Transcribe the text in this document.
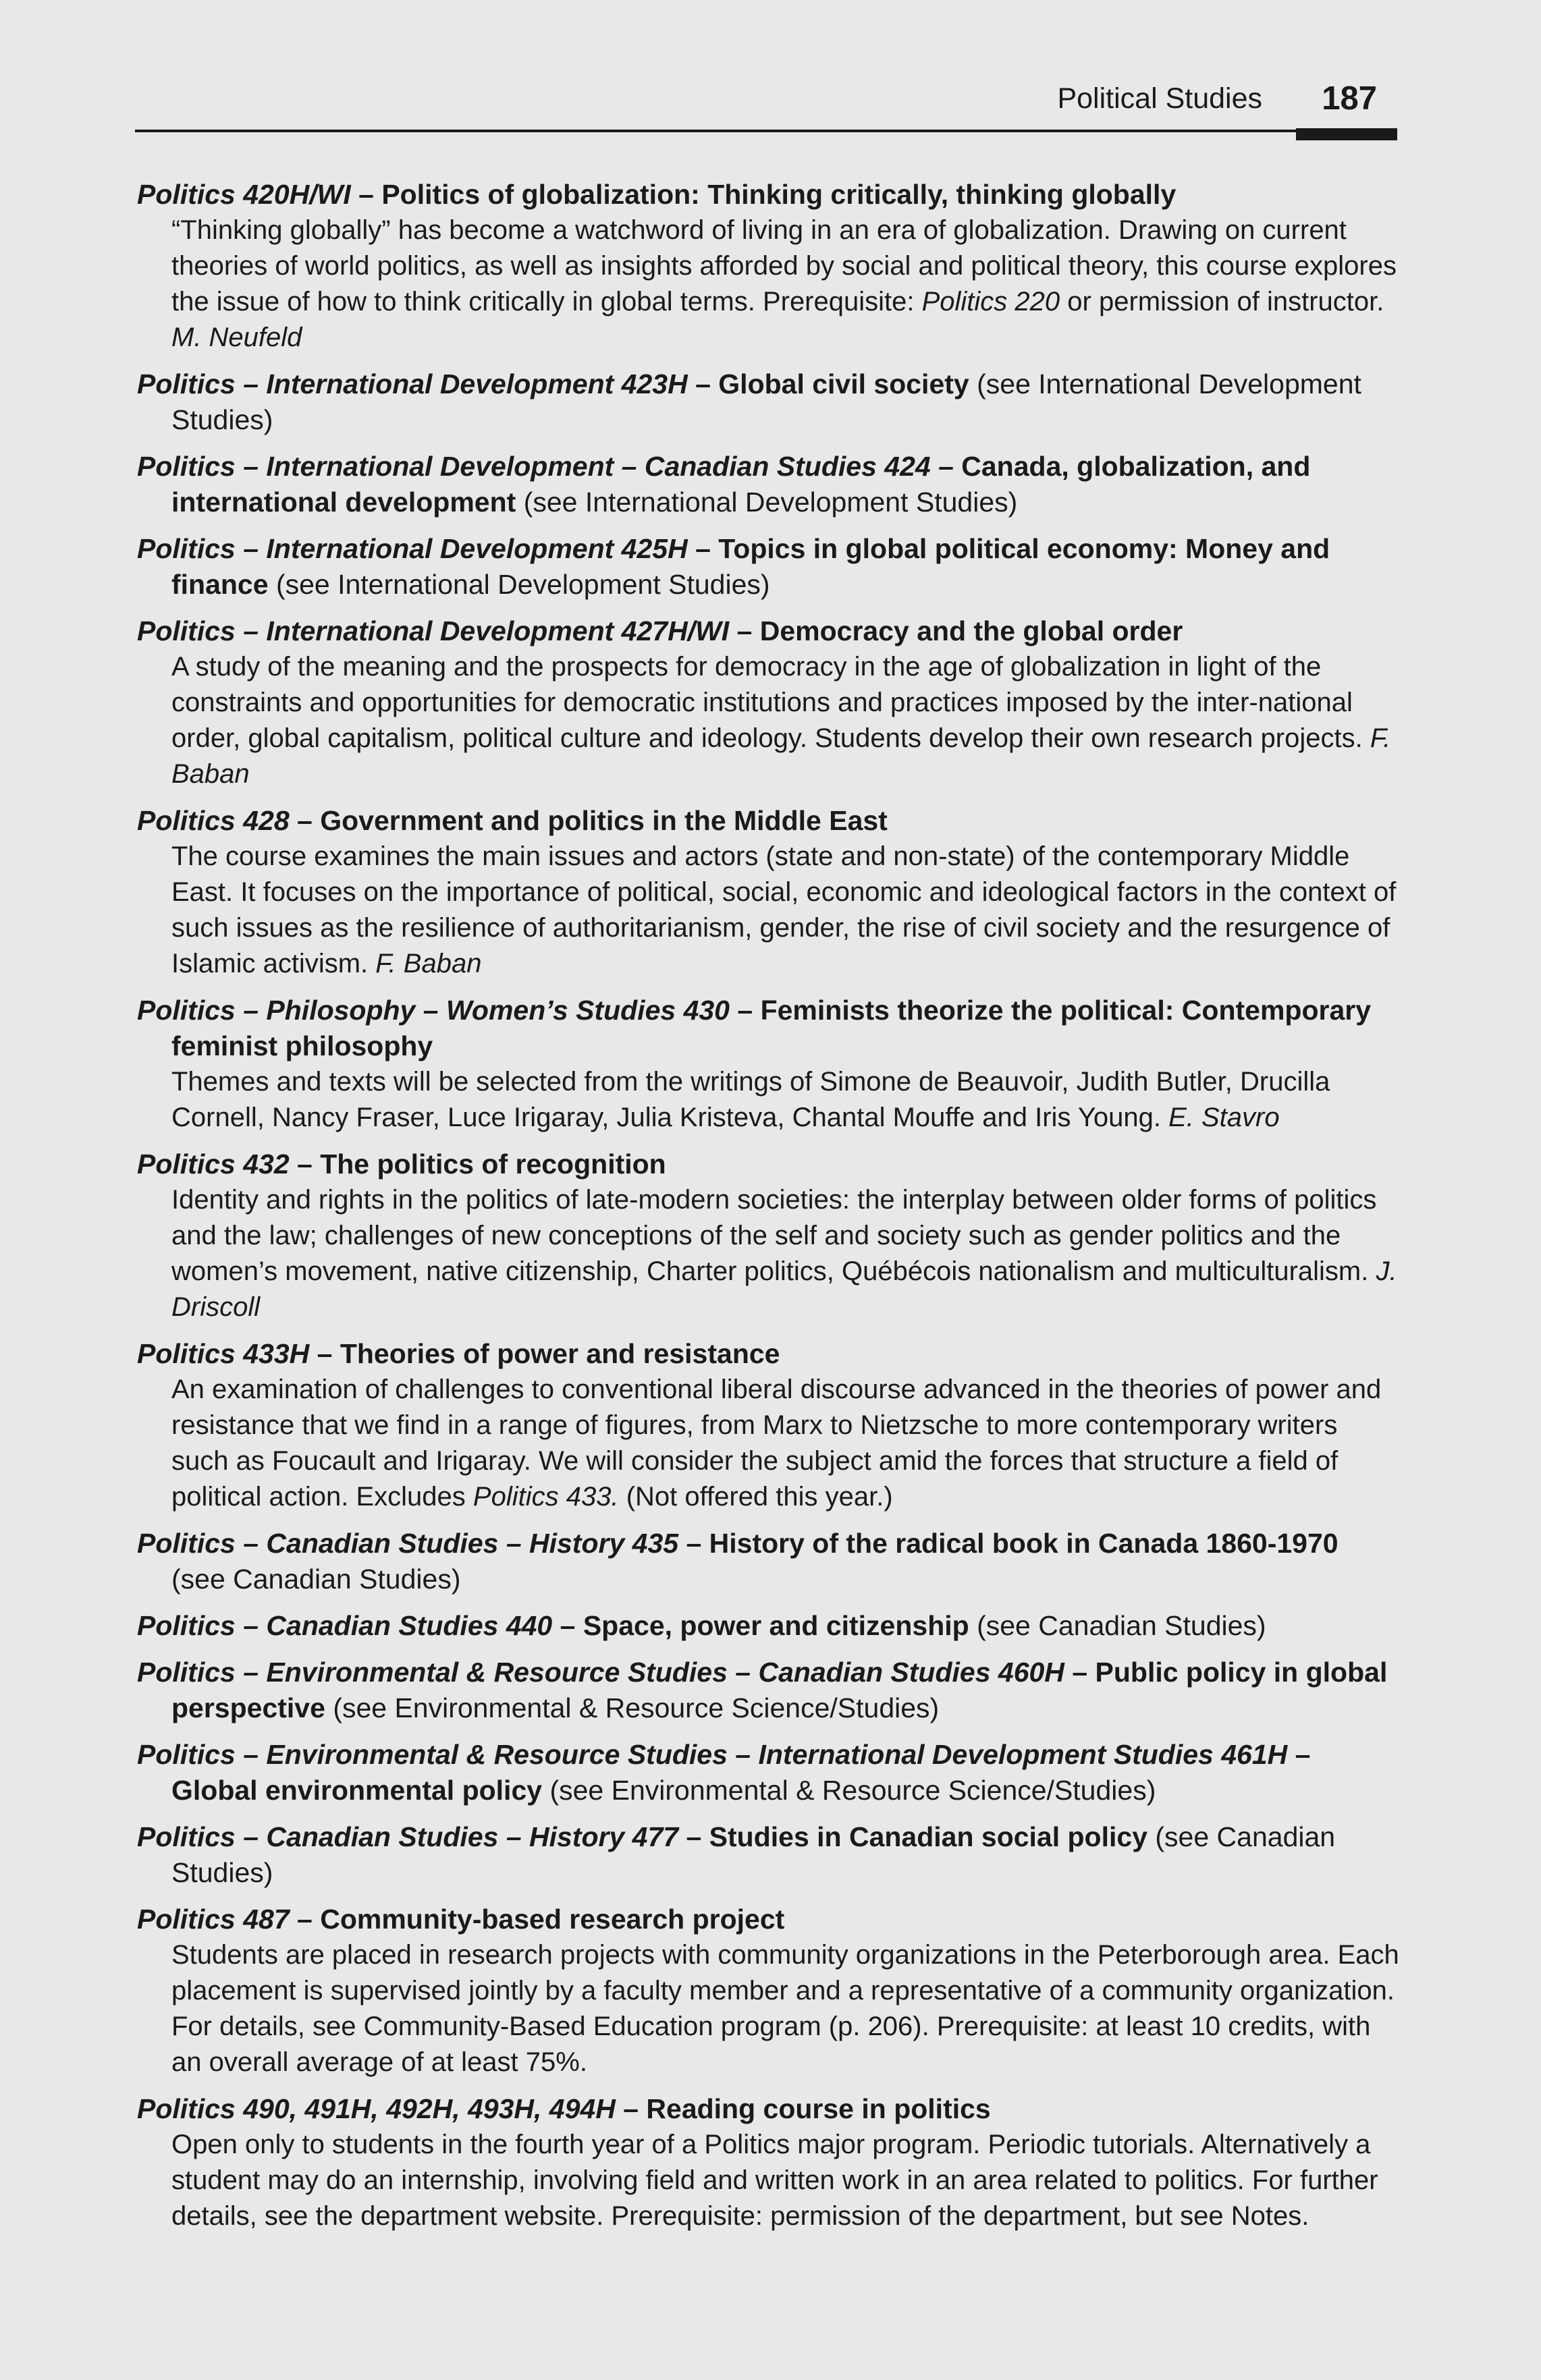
Political Studies 187
Politics 420H/WI – Politics of globalization: Thinking critically, thinking globally
“Thinking globally” has become a watchword of living in an era of globalization. Drawing on current theories of world politics, as well as insights afforded by social and political theory, this course explores the issue of how to think critically in global terms. Prerequisite: Politics 220 or permission of instructor. M. Neufeld
Politics – International Development 423H – Global civil society (see International Development Studies)
Politics – International Development – Canadian Studies 424 – Canada, globalization, and international development (see International Development Studies)
Politics – International Development 425H – Topics in global political economy: Money and finance (see International Development Studies)
Politics – International Development 427H/WI – Democracy and the global order
A study of the meaning and the prospects for democracy in the age of globalization in light of the constraints and opportunities for democratic institutions and practices imposed by the inter-national order, global capitalism, political culture and ideology. Students develop their own research projects. F. Baban
Politics 428 – Government and politics in the Middle East
The course examines the main issues and actors (state and non-state) of the contemporary Middle East. It focuses on the importance of political, social, economic and ideological factors in the context of such issues as the resilience of authoritarianism, gender, the rise of civil society and the resurgence of Islamic activism. F. Baban
Politics – Philosophy – Women’s Studies 430 – Feminists theorize the political: Contemporary feminist philosophy
Themes and texts will be selected from the writings of Simone de Beauvoir, Judith Butler, Drucilla Cornell, Nancy Fraser, Luce Irigaray, Julia Kristeva, Chantal Mouffe and Iris Young. E. Stavro
Politics 432 – The politics of recognition
Identity and rights in the politics of late-modern societies: the interplay between older forms of politics and the law; challenges of new conceptions of the self and society such as gender politics and the women’s movement, native citizenship, Charter politics, Québécois nationalism and multiculturalism. J. Driscoll
Politics 433H – Theories of power and resistance
An examination of challenges to conventional liberal discourse advanced in the theories of power and resistance that we find in a range of figures, from Marx to Nietzsche to more contemporary writers such as Foucault and Irigaray. We will consider the subject amid the forces that structure a field of political action. Excludes Politics 433. (Not offered this year.)
Politics – Canadian Studies – History 435 – History of the radical book in Canada 1860-1970 (see Canadian Studies)
Politics – Canadian Studies 440 – Space, power and citizenship (see Canadian Studies)
Politics – Environmental & Resource Studies – Canadian Studies 460H – Public policy in global perspective (see Environmental & Resource Science/Studies)
Politics – Environmental & Resource Studies – International Development Studies 461H – Global environmental policy (see Environmental & Resource Science/Studies)
Politics – Canadian Studies – History 477 – Studies in Canadian social policy (see Canadian Studies)
Politics 487 – Community-based research project
Students are placed in research projects with community organizations in the Peterborough area. Each placement is supervised jointly by a faculty member and a representative of a community organization. For details, see Community-Based Education program (p. 206). Prerequisite: at least 10 credits, with an overall average of at least 75%.
Politics 490, 491H, 492H, 493H, 494H – Reading course in politics
Open only to students in the fourth year of a Politics major program. Periodic tutorials. Alternatively a student may do an internship, involving field and written work in an area related to politics. For further details, see the department website. Prerequisite: permission of the department, but see Notes.
